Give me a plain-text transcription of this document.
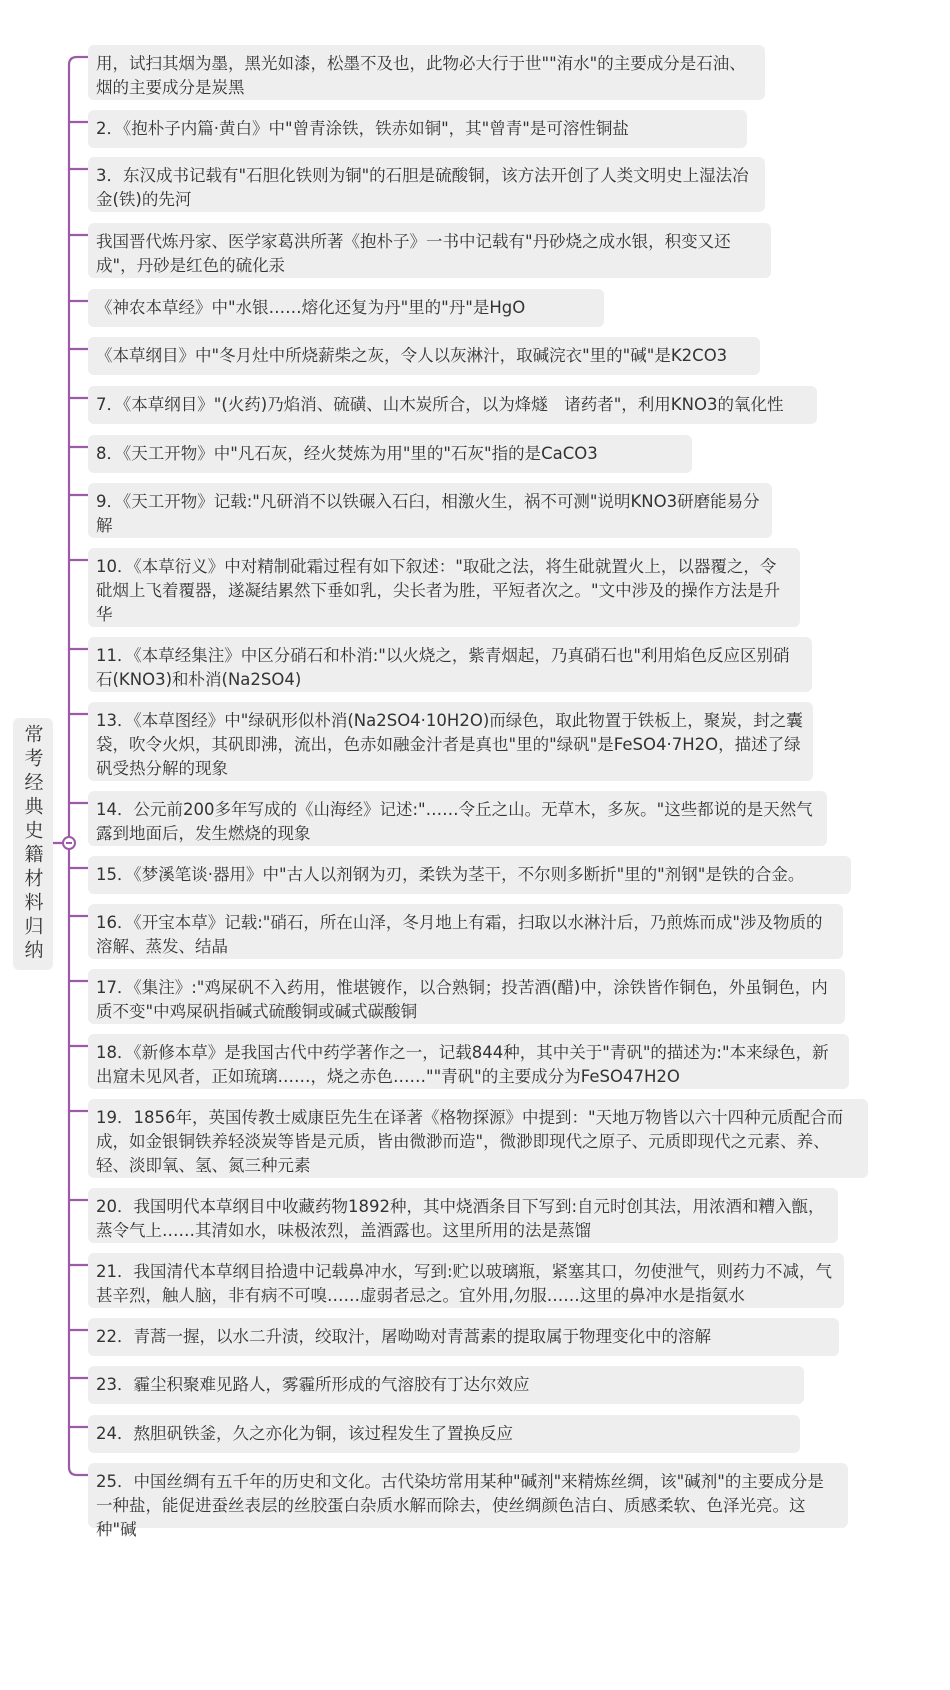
常考经典史籍材料归纳
用，试扫其烟为墨，黑光如漆，松墨不及也，此物必大行于世""洧水"的主要成分是石油、烟的主要成分是炭黑
2．《抱朴子内篇·黄白》中"曾青涂铁，铁赤如铜"，其"曾青"是可溶性铜盐
3．东汉成书记载有"石胆化铁则为铜"的石胆是硫酸铜，该方法开创了人类文明史上湿法冶金(铁)的先河
我国晋代炼丹家、医学家葛洪所著《抱朴子》一书中记载有"丹砂烧之成水银，积变又还成"，丹砂是红色的硫化汞
《神农本草经》中"水银……熔化还复为丹"里的"丹"是HgO
《本草纲目》中"冬月灶中所烧薪柴之灰，令人以灰淋汁，取碱浣衣"里的"碱"是K2CO3
7．《本草纲目》"(火药)乃焰消、硫磺、山木炭所合，以为烽燧　诸药者"，利用KNO3的氧化性
8．《天工开物》中"凡石灰，经火焚炼为用"里的"石灰"指的是CaCO3
9．《天工开物》记载:"凡研消不以铁碾入石臼，相激火生，祸不可测"说明KNO3研磨能易分解
10．《本草衍义》中对精制砒霜过程有如下叙述："取砒之法，将生砒就置火上，以器覆之，令砒烟上飞着覆器，遂凝结累然下垂如乳，尖长者为胜，平短者次之。"文中涉及的操作方法是升华
11．《本草经集注》中区分硝石和朴消:"以火烧之，紫青烟起，乃真硝石也"利用焰色反应区别硝石(KNO3)和朴消(Na2SO4)
13．《本草图经》中"绿矾形似朴消(Na2SO4·10H2O)而绿色，取此物置于铁板上，聚炭，封之囊袋，吹令火炽，其矾即沸，流出，色赤如融金汁者是真也"里的"绿矾"是FeSO4·7H2O，描述了绿矾受热分解的现象
14．公元前200多年写成的《山海经》记述:"……令丘之山。无草木，多灰。"这些都说的是天然气露到地面后，发生燃烧的现象
15．《梦溪笔谈·器用》中"古人以剂钢为刃，柔铁为茎干，不尔则多断折"里的"剂钢"是铁的合金。
16．《开宝本草》记载:"硝石，所在山泽，冬月地上有霜，扫取以水淋汁后，乃煎炼而成"涉及物质的溶解、蒸发、结晶
17．《集注》:"鸡屎矾不入药用，惟堪镀作，以合熟铜；投苦酒(醋)中，涂铁皆作铜色，外虽铜色，内质不变"中鸡屎矾指碱式硫酸铜或碱式碳酸铜
18．《新修本草》是我国古代中药学著作之一，记载844种，其中关于"青矾"的描述为:"本来绿色，新出窟未见风者，正如琉璃……，烧之赤色……""青矾"的主要成分为FeSO47H2O
19．1856年，英国传教士威康臣先生在译著《格物探源》中提到："天地万物皆以六十四种元质配合而成，如金银铜铁养轻淡炭等皆是元质，皆由微渺而造"，微渺即现代之原子、元质即现代之元素、养、轻、淡即氧、氢、氮三种元素
20．我国明代本草纲目中收藏药物1892种，其中烧酒条目下写到:自元时创其法，用浓酒和糟入甑，蒸令气上……其清如水，味极浓烈，盖酒露也。这里所用的法是蒸馏
21．我国清代本草纲目拾遗中记载鼻冲水，写到:贮以玻璃瓶，紧塞其口，勿使泄气，则药力不减，气甚辛烈，触人脑，非有病不可嗅……虚弱者忌之。宜外用,勿服……这里的鼻冲水是指氨水
22．青蒿一握，以水二升渍，绞取汁，屠呦呦对青蒿素的提取属于物理变化中的溶解
23．霾尘积聚难见路人，雾霾所形成的气溶胶有丁达尔效应
24．熬胆矾铁釜，久之亦化为铜，该过程发生了置换反应
25．中国丝绸有五千年的历史和文化。古代染坊常用某种"碱剂"来精炼丝绸，该"碱剂"的主要成分是一种盐，能促进蚕丝表层的丝胶蛋白杂质水解而除去，使丝绸颜色洁白、质感柔软、色泽光亮。这种"碱
